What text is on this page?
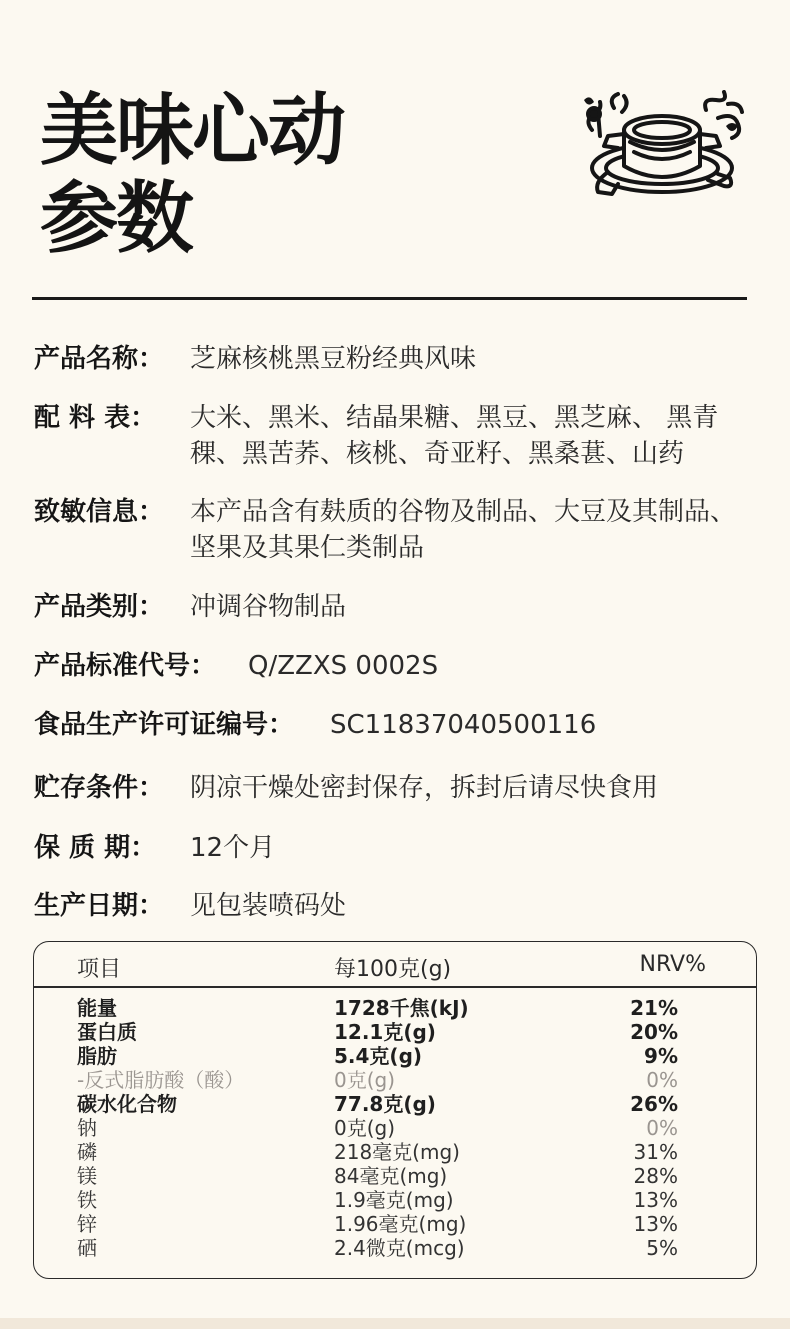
美味心动
参数
产品名称： 芝麻核桃黑豆粉经典风味
配 料 表：	大米、黑米、结晶果糖、黑豆、黑芝麻、 黑青稞、黑苦荞、核桃、奇亚籽、黑桑葚、山药
致敏信息： 本产品含有麸质的谷物及制品、大豆及其制品、坚果及其果仁类制品
产品类别： 冲调谷物制品
产品标准代号：	Q/ZZXS 0002S
食品生产许可证编号：	SC11837040500116
贮存条件： 阴凉干燥处密封保存，拆封后请尽快食用
保 质 期：	12个月
生产日期： 见包装喷码处
项目	每100克(g)	NRV%
能量	1728千焦(kJ)	21%
蛋白质	12.1克(g)	20%
脂肪	5.4克(g)	9%
-反式脂肪酸（酸）	0克(g)	0%
碳水化合物	77.8克(g)	26%
钠	0克(g)	0%
磷	218毫克(mg)	31%
镁	84毫克(mg)	28%
铁	1.9毫克(mg)	13%
锌	1.96毫克(mg)	13%
硒	2.4微克(mcg)	5%
